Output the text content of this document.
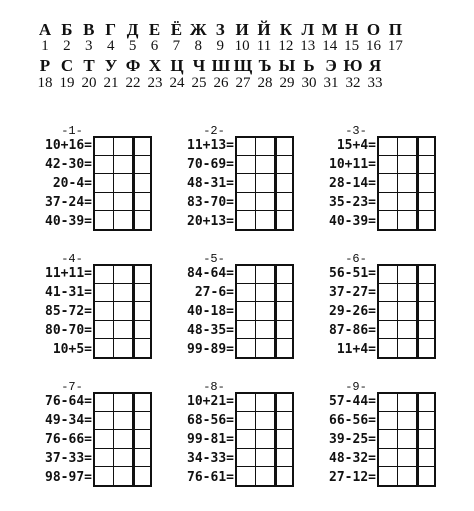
А Б В Г Д Е Ё Ж З И Й К Л М Н О П
1 2 3 4 5 6 7 8 9 10 11 12 13 14 15 16 17
Р С Т У Ф Х Ц Ч Ш Щ Ъ Ы Ь Э Ю Я
18 19 20 21 22 23 24 25 26 27 28 29 30 31 32 33
-1-
10+16=
42-30=
20-4=
37-24=
40-39=
-2-
11+13=
70-69=
48-31=
83-70=
20+13=
-3-
15+4=
10+11=
28-14=
35-23=
40-39=
-4-
11+11=
41-31=
85-72=
80-70=
10+5=
-5-
84-64=
27-6=
40-18=
48-35=
99-89=
-6-
56-51=
37-27=
29-26=
87-86=
11+4=
-7-
76-64=
49-34=
76-66=
37-33=
98-97=
-8-
10+21=
68-56=
99-81=
34-33=
76-61=
-9-
57-44=
66-56=
39-25=
48-32=
27-12=
